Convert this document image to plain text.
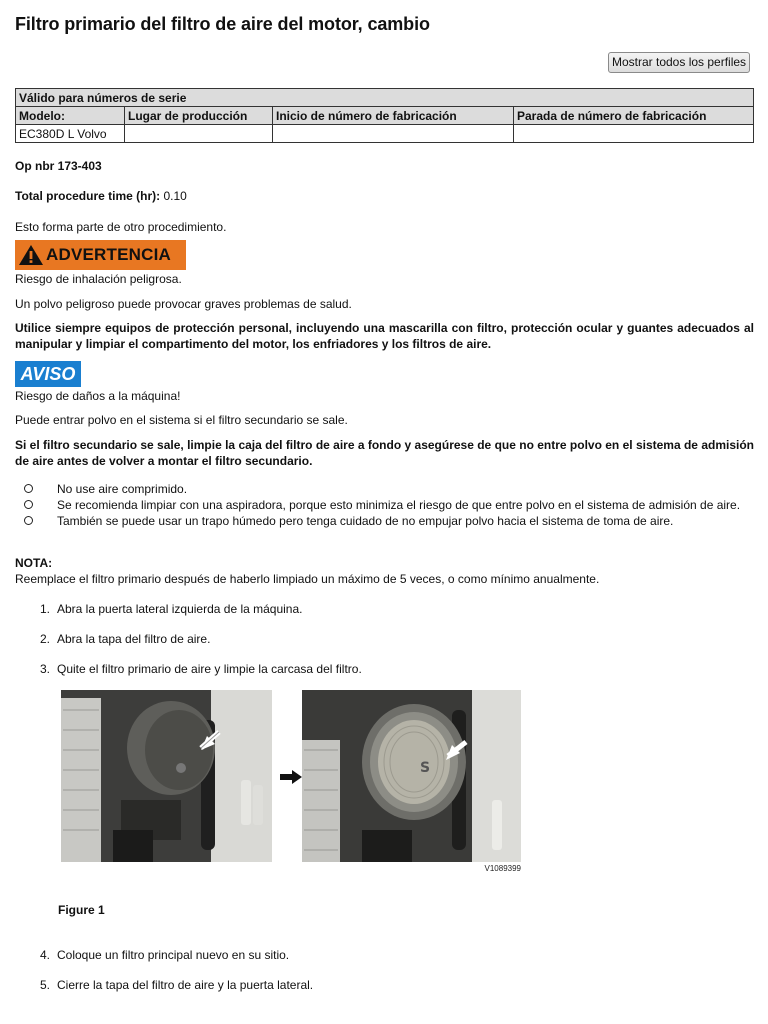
Filtro primario del filtro de aire del motor, cambio
Mostrar todos los perfiles
Válido para números de serie			
Modelo:	Lugar de producción	Inicio de número de fabricación	Parada de número de fabricación
EC380D L Volvo			

Op nbr 173-403

Total procedure time (hr): 0.10

Esto forma parte de otro procedimiento.

ADVERTENCIA

Riesgo de inhalación peligrosa.

Un polvo peligroso puede provocar graves problemas de salud.

Utilice siempre equipos de protección personal, incluyendo una mascarilla con filtro, protección ocular y guantes adecuados al manipular y limpiar el compartimento del motor, los enfriadores y los filtros de aire.

AVISO

Riesgo de daños a la máquina!

Puede entrar polvo en el sistema si el filtro secundario se sale.

Si el filtro secundario se sale, limpie la caja del filtro de aire a fondo y asegúrese de que no entre polvo en el sistema de admisión de aire antes de volver a montar el filtro secundario.

No use aire comprimido.
Se recomienda limpiar con una aspiradora, porque esto minimiza el riesgo de que entre polvo en el sistema de admisión de aire.
También se puede usar un trapo húmedo pero tenga cuidado de no empujar polvo hacia el sistema de toma de aire.

NOTA:

Reemplace el filtro primario después de haberlo limpiado un máximo de 5 veces, o como mínimo anualmente.

1. Abra la puerta lateral izquierda de la máquina.

2. Abra la tapa del filtro de aire.

3. Quite el filtro primario de aire y limpie la carcasa del filtro.

S
V1089399

Figure 1

4. Coloque un filtro principal nuevo en su sitio.

5. Cierre la tapa del filtro de aire y la puerta lateral.
